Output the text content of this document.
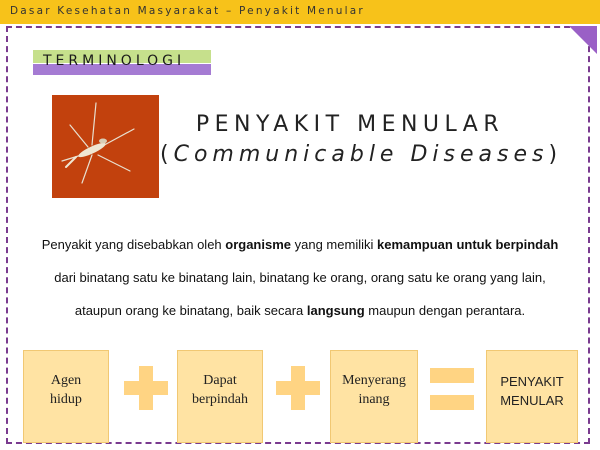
Dasar Kesehatan Masyarakat – Penyakit Menular
TERMINOLOGI
PENYAKIT MENULAR
(Communicable Diseases)
Penyakit yang disebabkan oleh organisme yang memiliki kemampuan untuk berpindah dari binatang satu ke binatang lain, binatang ke orang, orang satu ke orang yang lain, ataupun orang ke binatang, baik secara langsung maupun dengan perantara.
Agen
hidup
Dapat
berpindah
Menyerang
inang
PENYAKIT
MENULAR
